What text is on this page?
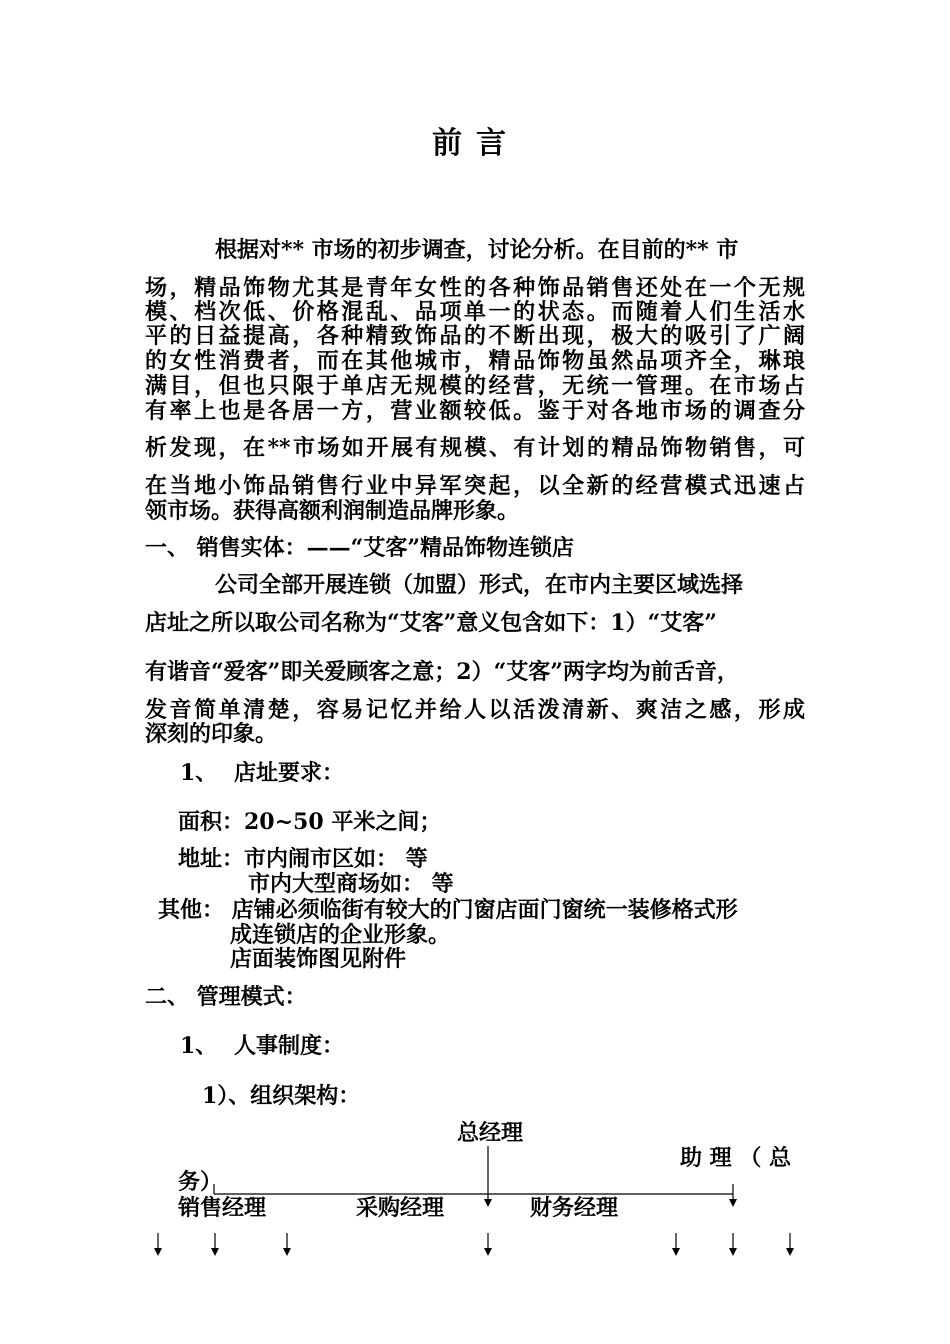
前言
根据对** 市场的初步调查，讨论分析。在目前的** 市
场，精品饰物尤其是青年女性的各种饰品销售还处在一个无规
模、档次低、价格混乱、品项单一的状态。而随着人们生活水
平的日益提高，各种精致饰品的不断出现，极大的吸引了广阔
的女性消费者，而在其他城市，精品饰物虽然品项齐全，琳琅
满目，但也只限于单店无规模的经营，无统一管理。在市场占
有率上也是各居一方，营业额较低。鉴于对各地市场的调查分
析发现，在**市场如开展有规模、有计划的精品饰物销售，可
在当地小饰品销售行业中异军突起，以全新的经营模式迅速占
领市场。获得高额利润制造品牌形象。
一、 销售实体：——“艾客”精品饰物连锁店
公司全部开展连锁（加盟）形式，在市内主要区域选择
店址之所以取公司名称为“艾客”意义包含如下：1）“艾客”
有谐音“爱客”即关爱顾客之意；2）“艾客”两字均为前舌音，
发音简单清楚，容易记忆并给人以活泼清新、爽洁之感，形成
深刻的印象。
1、 店址要求：
面积：20~50 平米之间；
地址：市内闹市区如： 等
市内大型商场如： 等
其他： 店铺必须临街有较大的门窗店面门窗统一装修格式形
成连锁店的企业形象。
店面装饰图见附件
二、 管理模式：
1、 人事制度：
1）、组织架构：
总经理
助 理 （ 总
务）
销售经理	采购经理	财务经理
